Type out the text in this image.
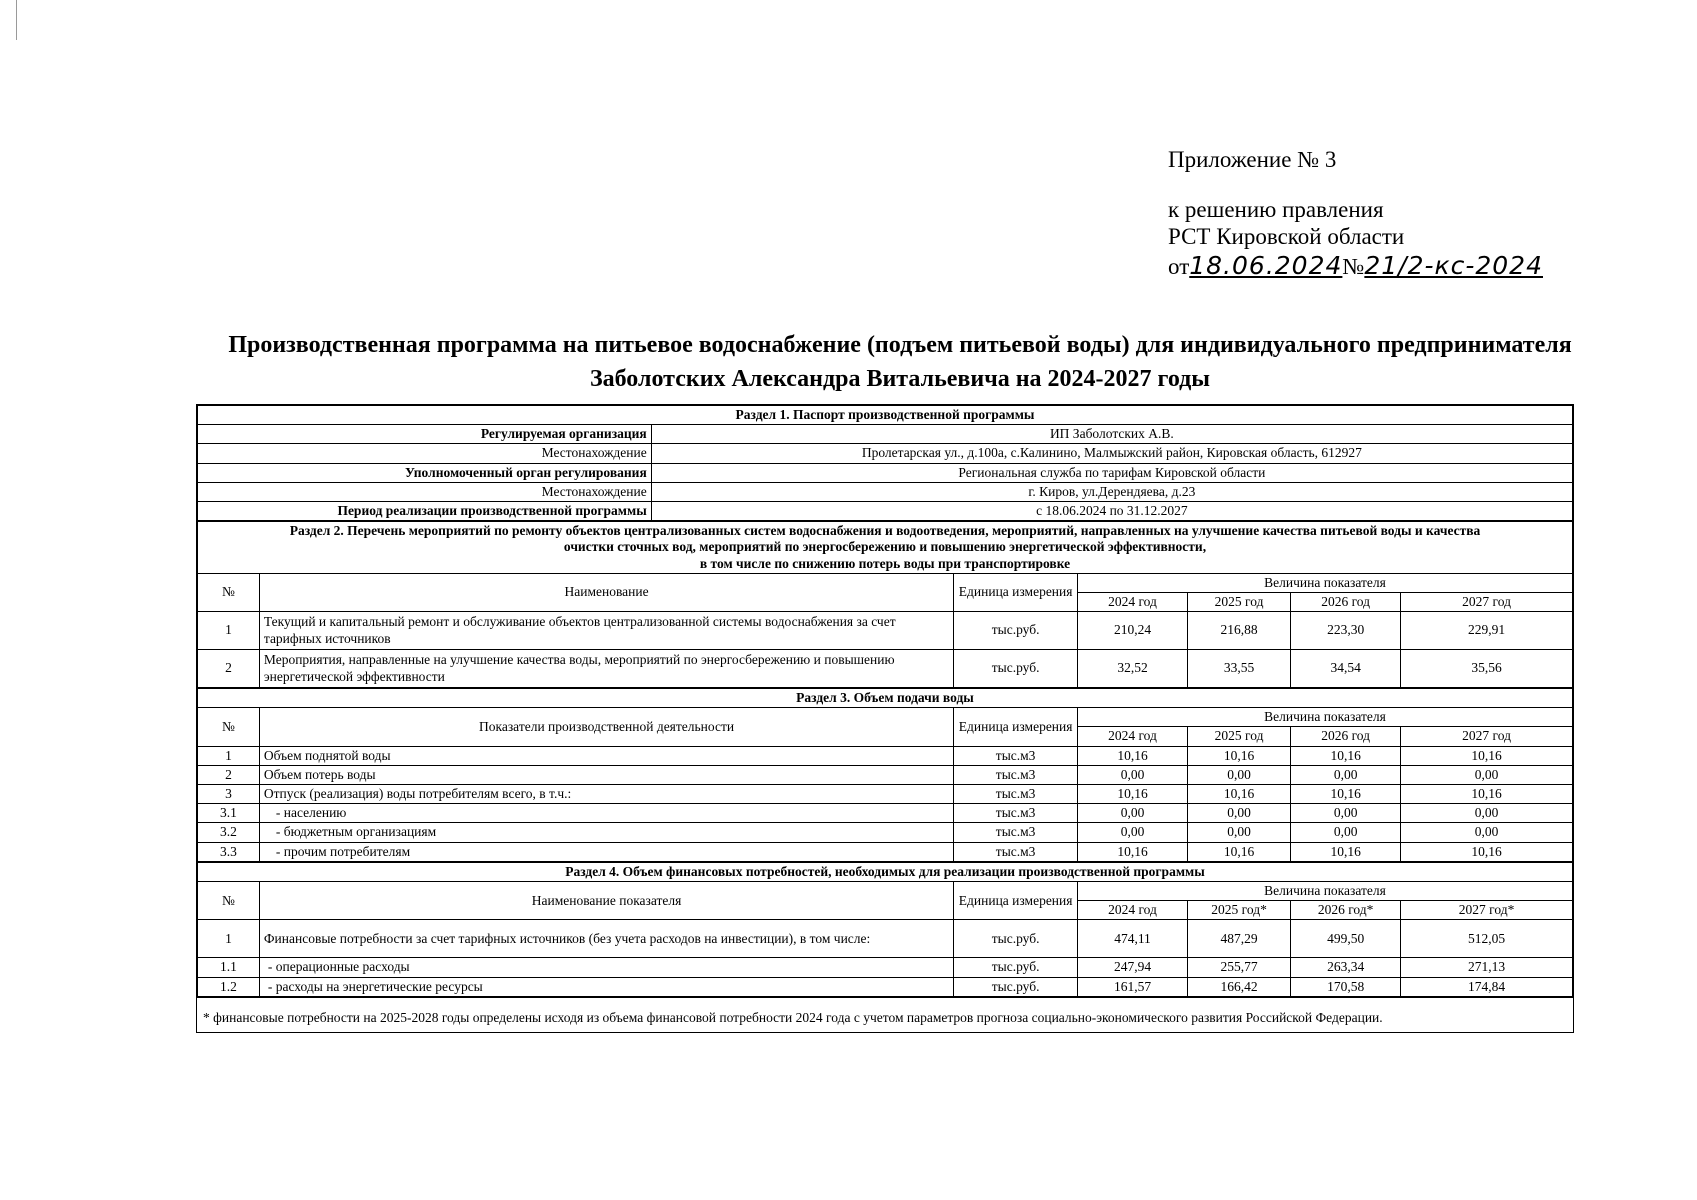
Приложение № 3
к решению правления
РСТ Кировской области
от 18.06.2024 № 21/2-кс-2024
Производственная программа на питьевое водоснабжение (подъем питьевой воды) для индивидуального предпринимателя
Заболотских Александра Витальевича на 2024-2027 годы
Раздел 1. Паспорт производственной программы	
Регулируемая организация	ИП Заболотских А.В.
Местонахождение	Пролетарская ул., д.100а, с.Калинино, Малмыжский район, Кировская область, 612927
Уполномоченный орган регулирования	Региональная служба по тарифам Кировской области
Местонахождение	г. Киров, ул.Дерендяева, д.23
Период реализации производственной программы	с 18.06.2024 по 31.12.2027
Раздел 2. Перечень мероприятий по ремонту объектов централизованных систем водоснабжения и водоотведения, мероприятий, направленных на улучшение качества питьевой воды и качества
очистки сточных вод, мероприятий по энергосбережению и повышению энергетической эффективности,
в том числе по снижению потерь воды при транспортировке						

№	Наименование	Единица измерения	Величина показателя			
			2024 год	2025 год	2026 год	2027 год
1	Текущий и капитальный ремонт и обслуживание объектов централизованной системы водоснабжения за счет тарифных источников	тыс.руб.	210,24	216,88	223,30	229,91
2	Мероприятия, направленные на улучшение качества воды, мероприятий по энергосбережению и повышению энергетической эффективности	тыс.руб.	32,52	33,55	34,54	35,56
Раздел 3. Объем подачи воды						
№	Показатели производственной деятельности	Единица измерения	Величина показателя			
			2024 год	2025 год	2026 год	2027 год
1	Объем поднятой воды	тыс.м3	10,16	10,16	10,16	10,16
2	Объем потерь воды	тыс.м3	0,00	0,00	0,00	0,00
3	Отпуск (реализация) воды потребителям всего, в т.ч.:	тыс.м3	10,16	10,16	10,16	10,16
3.1	- населению	тыс.м3	0,00	0,00	0,00	0,00
3.2	- бюджетным организациям	тыс.м3	0,00	0,00	0,00	0,00
3.3	- прочим потребителям	тыс.м3	10,16	10,16	10,16	10,16
Раздел 4. Объем финансовых потребностей, необходимых для реализации производственной программы						
№	Наименование показателя	Единица измерения	Величина показателя			
			2024 год	2025 год*	2026 год*	2027 год*
1	Финансовые потребности за счет тарифных источников (без учета расходов на инвестиции), в том числе:	тыс.руб.	474,11	487,29	499,50	512,05
1.1	- операционные расходы	тыс.руб.	247,94	255,77	263,34	271,13
1.2	- расходы на энергетические ресурсы	тыс.руб.	161,57	166,42	170,58	174,84
* финансовые потребности на 2025-2028 годы определены исходя из объема финансовой потребности 2024 года с учетом параметров прогноза социально-экономического развития Российской Федерации.
